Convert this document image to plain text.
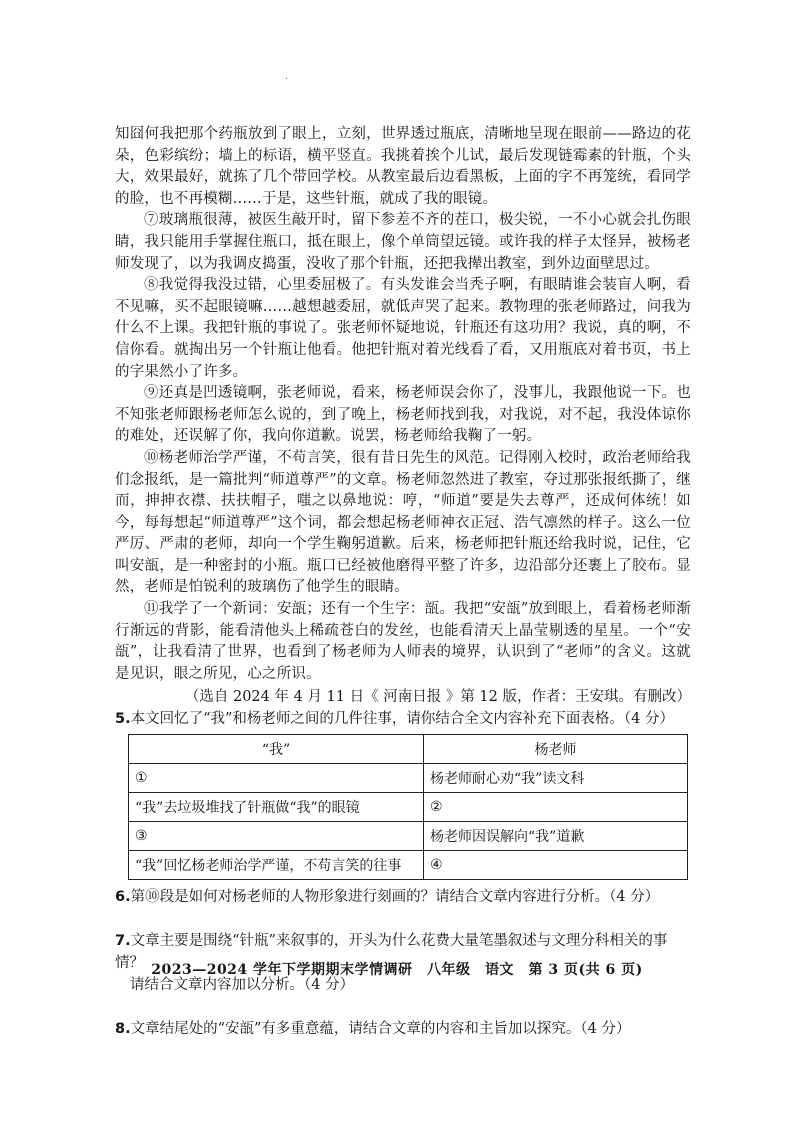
·

知囧何我把那个药瓶放到了眼上，立刻，世界透过瓶底，清晰地呈现在眼前——路边的花朵，色彩缤纷；墙上的标语，横平竖直。我挑着挨个儿试，最后发现链霉素的针瓶，个头大，效果最好，就拣了几个带回学校。从教室最后边看黑板，上面的字不再笼统，看同学的脸，也不再模糊……于是，这些针瓶，就成了我的眼镜。

⑦玻璃瓶很薄，被医生敲开时，留下参差不齐的茬口，极尖锐，一不小心就会扎伤眼睛，我只能用手掌握住瓶口，抵在眼上，像个单筒望远镜。或许我的样子太怪异，被杨老师发现了，以为我调皮捣蛋，没收了那个针瓶，还把我撵出教室，到外边面壁思过。

⑧我觉得我没过错，心里委屈极了。有头发谁会当秃子啊，有眼睛谁会装盲人啊，看不见嘛，买不起眼镜嘛……越想越委屈，就低声哭了起来。教物理的张老师路过，问我为什么不上课。我把针瓶的事说了。张老师怀疑地说，针瓶还有这功用？我说，真的啊，不信你看。就掏出另一个针瓶让他看。他把针瓶对着光线看了看，又用瓶底对着书页，书上的字果然小了许多。

⑨还真是凹透镜啊，张老师说，看来，杨老师误会你了，没事儿，我跟他说一下。也不知张老师跟杨老师怎么说的，到了晚上，杨老师找到我，对我说，对不起，我没体谅你的难处，还误解了你，我向你道歉。说罢，杨老师给我鞠了一躬。

⑩杨老师治学严谨，不苟言笑，很有昔日先生的风范。记得刚入校时，政治老师给我们念报纸，是一篇批判“师道尊严”的文章。杨老师忽然进了教室，夺过那张报纸撕了，继而，抻抻衣襟、扶扶帽子，嗤之以鼻地说：哼，“师道”要是失去尊严，还成何体统！如今，每每想起“师道尊严”这个词，都会想起杨老师神衣正冠、浩气凛然的样子。这么一位严厉、严肃的老师，却向一个学生鞠躬道歉。后来，杨老师把针瓶还给我时说，记住，它叫安瓿，是一种密封的小瓶。瓶口已经被他磨得平整了许多，边沿部分还裹上了胶布。显然，老师是怕锐利的玻璃伤了他学生的眼睛。

⑪我学了一个新词：安瓿；还有一个生字：瓿。我把“安瓿”放到眼上，看着杨老师渐行渐远的背影，能看清他头上稀疏苍白的发丝，也能看清天上晶莹剔透的星星。一个“安瓿”，让我看清了世界，也看到了杨老师为人师表的境界，认识到了“老师”的含义。这就是见识，眼之所见，心之所识。

（选自 2024 年 4 月 11 日《 河南日报 》第 12 版，作者：王安琪。有删改）

5.本文回忆了“我”和杨老师之间的几件往事，请你结合全文内容补充下面表格。（4 分）

“我”	杨老师
①	杨老师耐心劝“我”读文科
“我”去垃圾堆找了针瓶做“我”的眼镜	②
③	杨老师因误解向“我”道歉
“我”回忆杨老师治学严谨，不苟言笑的往事	④

6.第⑩段是如何对杨老师的人物形象进行刻画的？请结合文章内容进行分析。（4 分）

7.文章主要是围绕“针瓶”来叙事的，开头为什么花费大量笔墨叙述与文理分科相关的事情？

请结合文章内容加以分析。（4 分）

8.文章结尾处的“安瓿”有多重意蕴，请结合文章的内容和主旨加以探究。（4 分）

2023—2024 学年下学期期末学情调研　八年级　语文　第 3 页(共 6 页)
